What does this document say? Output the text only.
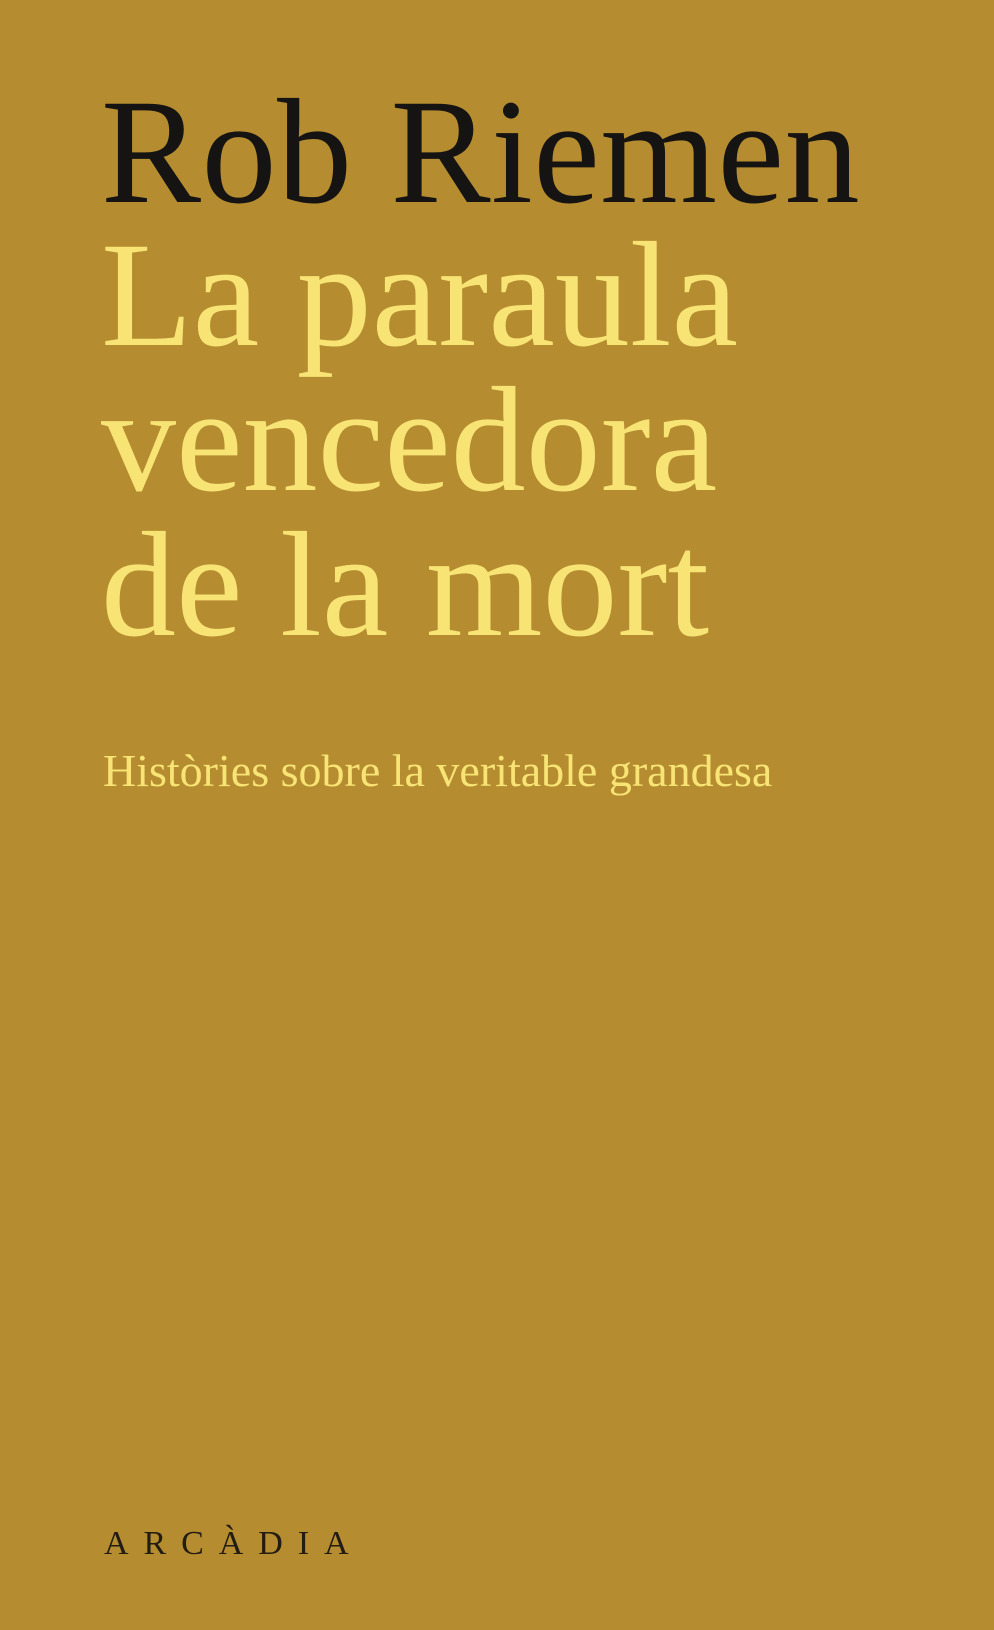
Rob Riemen
La paraula
vencedora
de la mort
Històries sobre la veritable grandesa
ARCÀDIA
